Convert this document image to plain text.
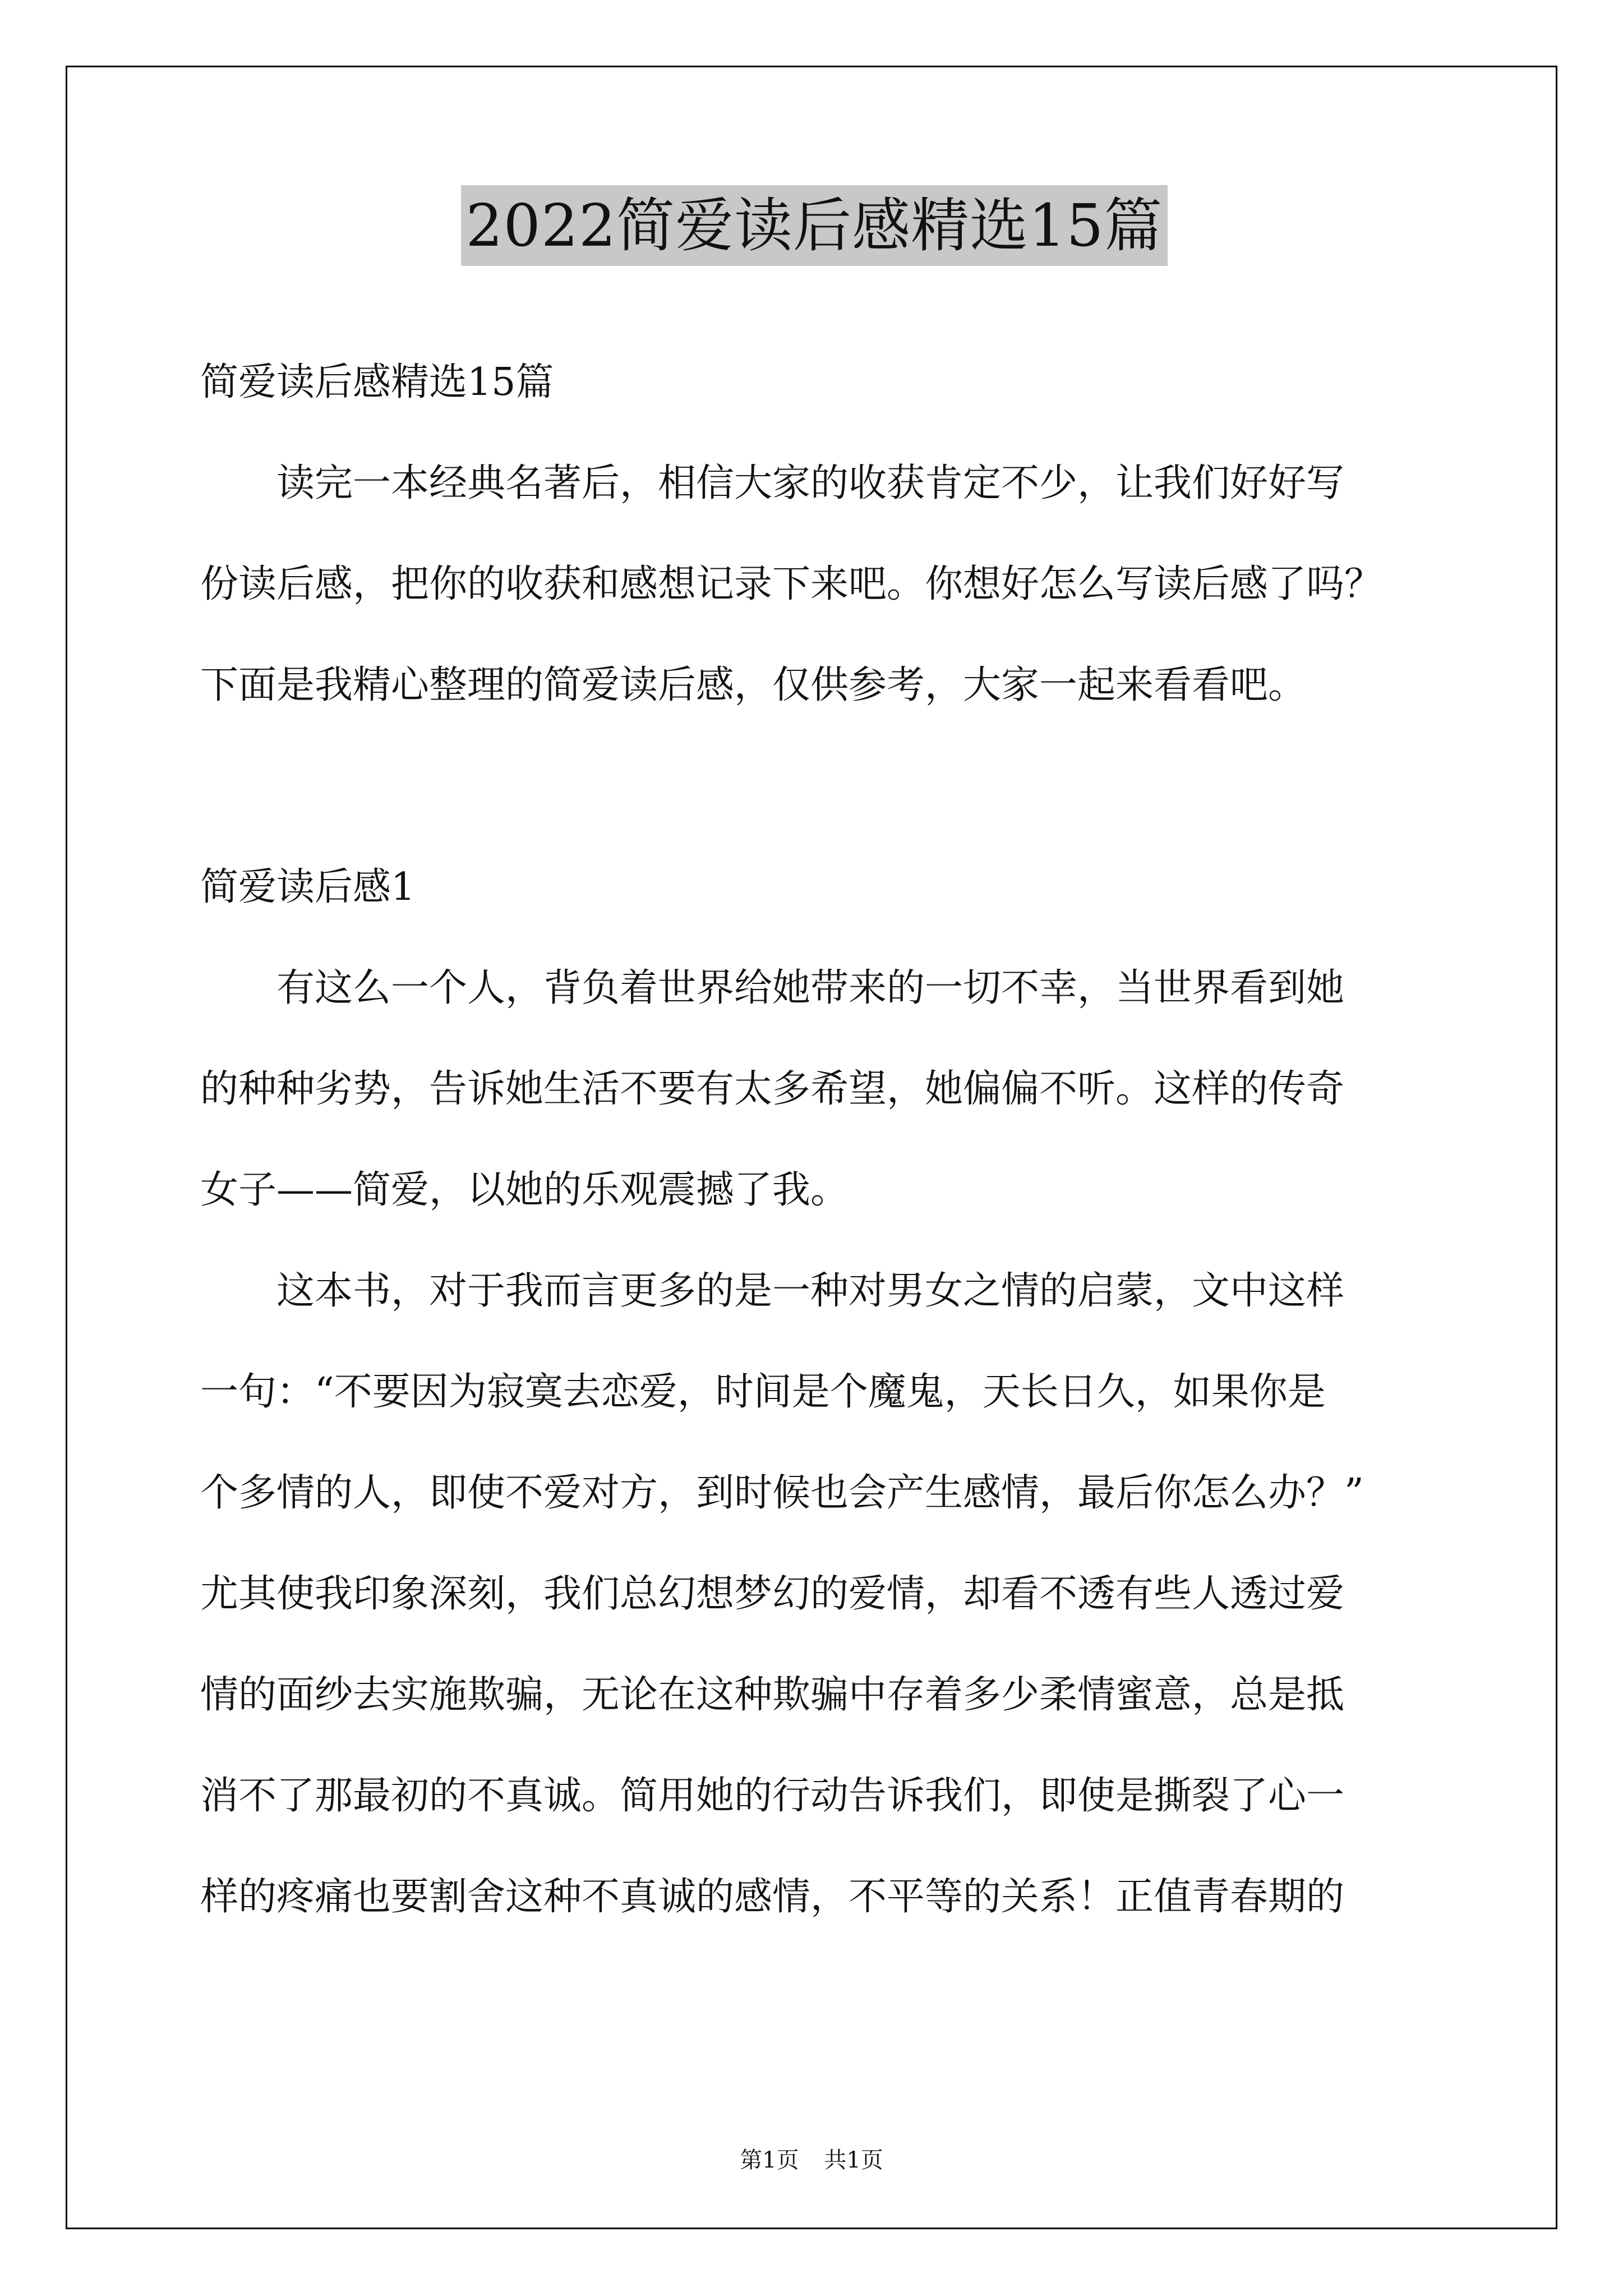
2022简爱读后感精选15篇
简爱读后感精选15篇
读完一本经典名著后，相信大家的收获肯定不少，让我们好好写
份读后感，把你的收获和感想记录下来吧。你想好怎么写读后感了吗？
下面是我精心整理的简爱读后感，仅供参考，大家一起来看看吧。
简爱读后感1
有这么一个人，背负着世界给她带来的一切不幸，当世界看到她
的种种劣势，告诉她生活不要有太多希望，她偏偏不听。这样的传奇
女子——简爱，以她的乐观震撼了我。
这本书，对于我而言更多的是一种对男女之情的启蒙，文中这样
一句：“不要因为寂寞去恋爱，时间是个魔鬼，天长日久，如果你是
个多情的人，即使不爱对方，到时候也会产生感情，最后你怎么办？”
尤其使我印象深刻，我们总幻想梦幻的爱情，却看不透有些人透过爱
情的面纱去实施欺骗，无论在这种欺骗中存着多少柔情蜜意，总是抵
消不了那最初的不真诚。简用她的行动告诉我们，即使是撕裂了心一
样的疼痛也要割舍这种不真诚的感情，不平等的关系！正值青春期的
第1页 共1页
